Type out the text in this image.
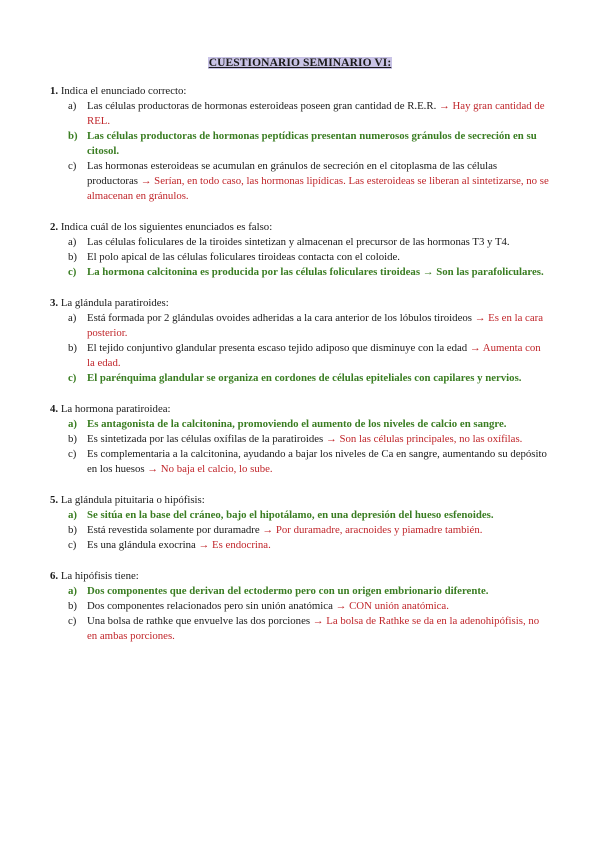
CUESTIONARIO SEMINARIO VI:
1. Indica el enunciado correcto:
a) Las células productoras de hormonas esteroideas poseen gran cantidad de R.E.R. → Hay gran cantidad de REL.
b) Las células productoras de hormonas peptídicas presentan numerosos gránulos de secreción en su citosol.
c) Las hormonas esteroideas se acumulan en gránulos de secreción en el citoplasma de las células productoras → Serían, en todo caso, las hormonas lipídicas. Las esteroideas se liberan al sintetizarse, no se almacenan en gránulos.
2. Indica cuál de los siguientes enunciados es falso:
a) Las células foliculares de la tiroides sintetizan y almacenan el precursor de las hormonas T3 y T4.
b) El polo apical de las células foliculares tiroideas contacta con el coloide.
c) La hormona calcitonina es producida por las células foliculares tiroideas → Son las parafoliculares.
3. La glándula paratiroides:
a) Está formada por 2 glándulas ovoides adheridas a la cara anterior de los lóbulos tiroideos → Es en la cara posterior.
b) El tejido conjuntivo glandular presenta escaso tejido adiposo que disminuye con la edad → Aumenta con la edad.
c) El parénquima glandular se organiza en cordones de células epiteliales con capilares y nervios.
4. La hormona paratiroidea:
a) Es antagonista de la calcitonina, promoviendo el aumento de los niveles de calcio en sangre.
b) Es sintetizada por las células oxífilas de la paratiroides → Son las células principales, no las oxífilas.
c) Es complementaria a la calcitonina, ayudando a bajar los niveles de Ca en sangre, aumentando su depósito en los huesos → No baja el calcio, lo sube.
5. La glándula pituitaria o hipófisis:
a) Se sitúa en la base del cráneo, bajo el hipotálamo, en una depresión del hueso esfenoides.
b) Está revestida solamente por duramadre → Por duramadre, aracnoides y piamadre también.
c) Es una glándula exocrina → Es endocrina.
6. La hipófisis tiene:
a) Dos componentes que derivan del ectodermo pero con un origen embrionario diferente.
b) Dos componentes relacionados pero sin unión anatómica → CON unión anatómica.
c) Una bolsa de rathke que envuelve las dos porciones → La bolsa de Rathke se da en la adenohipófisis, no en ambas porciones.
